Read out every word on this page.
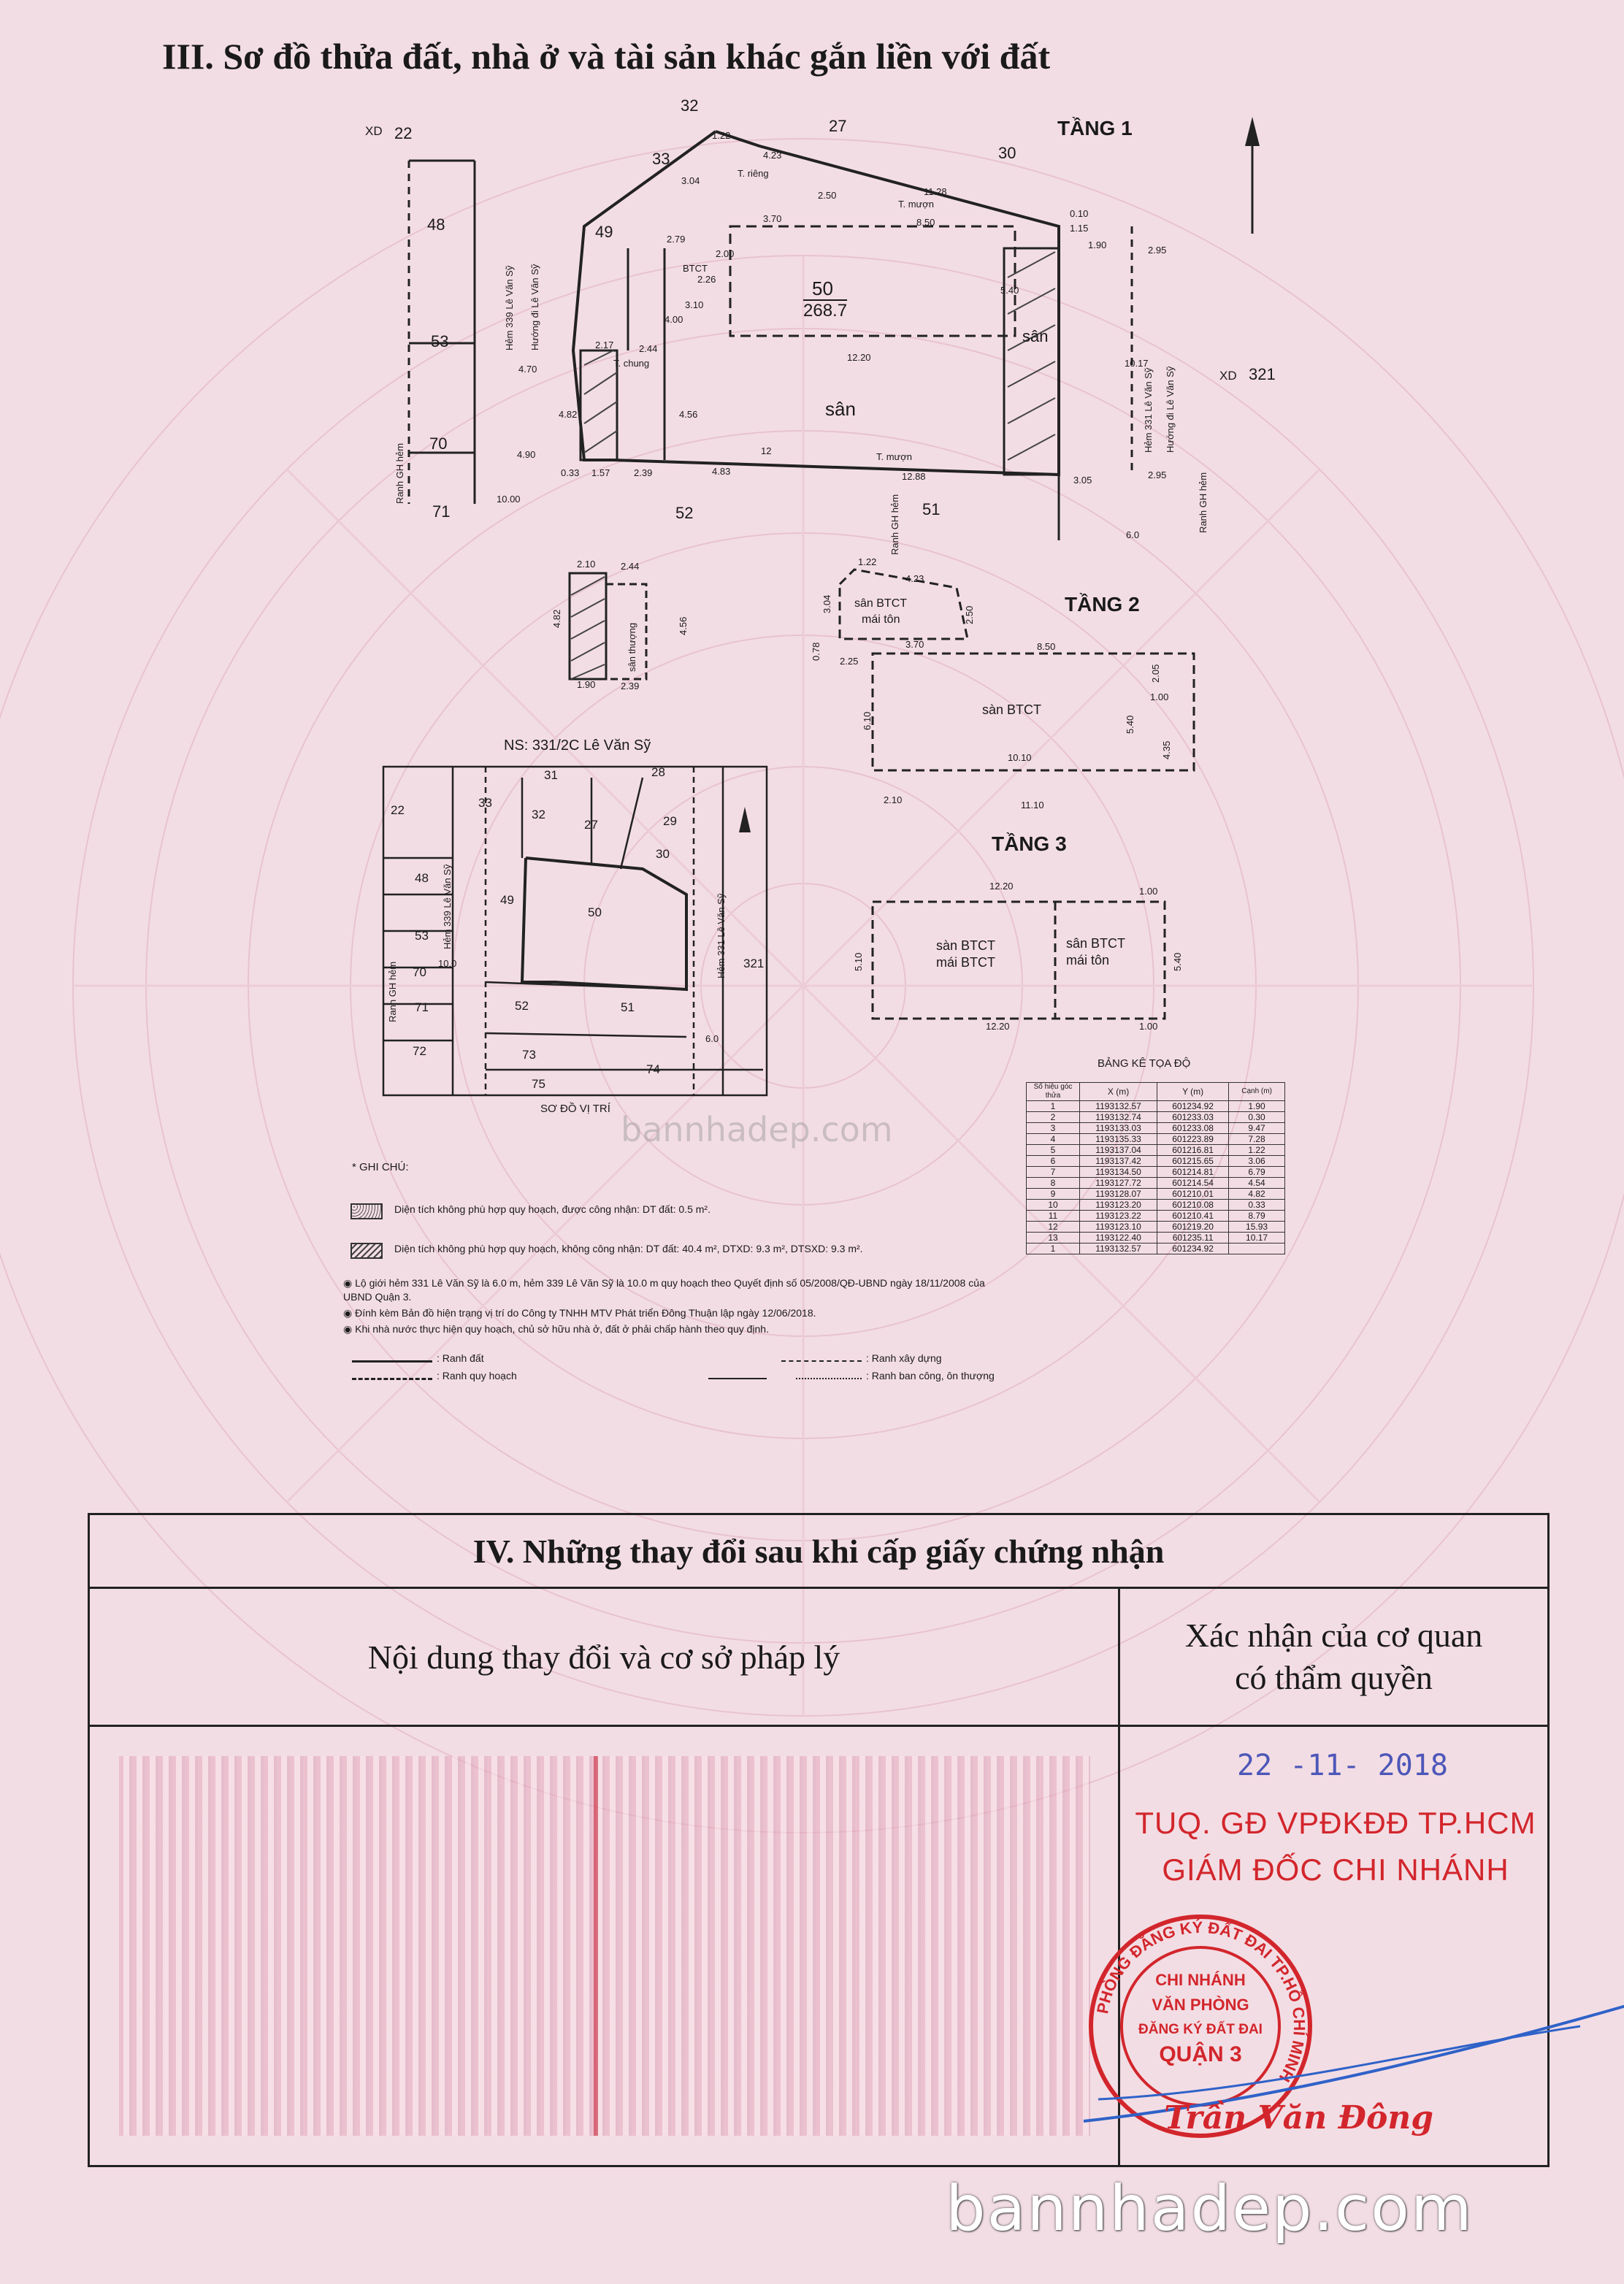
III. Sơ đồ thửa đất, nhà ở và tài sản khác gắn liền với đất
TẦNG 1
50
268.7
sân
sân
XD
XD
Hẻm 339 Lê Văn Sỹ Hướng đi Lê Văn Sỹ
Hẻm 331 Lê Văn Sỹ Hướng đi Lê Văn Sỹ
Ranh GH hẻm
Ranh GH hẻm	Ranh GH hẻm
T. riêng
T. mượn
T. mượn
T. chung
BTCT
48
53
70
71
22
32
33
27
30
49
52	51
321
1.22
4.23
11.28
0.10
1.15
1.90	2.95
3.70	8.50
2.50
3.04
2.79
2.26
2.00
3.10
5.40
4.00
4.70
2.17	2.44
4.82	4.56
12.20
10.17
4.90
0.33 1.57	2.39	4.83
12
12.88	3.05	2.95
10.00
6.0
sân thượng
2.10	2.44
4.82	4.56
1.90	2.39
TẦNG 2
sân BTCT
mái tôn
sàn BTCT
1.22
4.23
3.04
2.50
3.70
0.78
2.25
8.50
2.05
1.00
6.10	5.40
4.35
10.10
2.10	11.10
TẦNG 3
sàn BTCT
mái BTCT
sân BTCT
mái tôn
12.20	1.00
5.10	5.40
12.20	1.00
NS: 331/2C Lê Văn Sỹ
SƠ ĐỒ VỊ TRÍ
Hẻm 339 Lê Văn Sỹ	Hẻm 331 Lê Văn Sỹ
Ranh GH hẻm
22
33
31	28
32
27	29
30
48
49
50
53
321
70
71	52	51
72	73
74
75
10.0
6.0
BẢNG KÊ TỌA ĐỘ
Số hiệu góc thửa	X (m)	Y (m)	Cạnh (m)
1	1193132.57	601234.92	1.90
2	1193132.74	601233.03	0.30
3	1193133.03	601233.08	9.47
4	1193135.33	601223.89	7.28
5	1193137.04	601216.81	1.22
6	1193137.42	601215.65	3.06
7	1193134.50	601214.81	6.79
8	1193127.72	601214.54	4.54
9	1193128.07	601210.01	4.82
10	1193123.20	601210.08	0.33
11	1193123.22	601210.41	8.79
12	1193123.10	601219.20	15.93
13	1193122.40	601235.11	10.17
1	1193132.57	601234.92	
* GHI CHÚ:
Diện tích không phù hợp quy hoạch, được công nhận: DT đất: 0.5 m².
Diện tích không phù hợp quy hoạch, không công nhận: DT đất: 40.4 m², DTXD: 9.3 m², DTSXD: 9.3 m².
◉ Lộ giới hẻm 331 Lê Văn Sỹ là 6.0 m, hẻm 339 Lê Văn Sỹ là 10.0 m quy hoạch theo Quyết định số 05/2008/QĐ-UBND ngày 18/11/2008 của UBND Quận 3.
◉ Đính kèm Bản đồ hiện trạng vị trí do Công ty TNHH MTV Phát triển Đông Thuận lập ngày 12/06/2018.
◉ Khi nhà nước thực hiện quy hoạch, chủ sở hữu nhà ở, đất ở phải chấp hành theo quy định.
: Ranh đất
: Ranh quy hoạch
: Ranh xây dựng
: Ranh ban công, ôn thượng
bannhadep.com
IV. Những thay đổi sau khi cấp giấy chứng nhận
Nội dung thay đổi và cơ sở pháp lý
Xác nhận của cơ quan
có thẩm quyền
22 -11- 2018
TUQ. GĐ VPĐKĐĐ TP.HCM
GIÁM ĐỐC CHI NHÁNH
PHÒNG ĐĂNG KÝ ĐẤT ĐAI TP.HỒ CHÍ MINH
CHI NHÁNH
VĂN PHÒNG
ĐĂNG KÝ ĐẤT ĐAI
QUẬN 3
Trần Văn Đông
bannhadep.com
